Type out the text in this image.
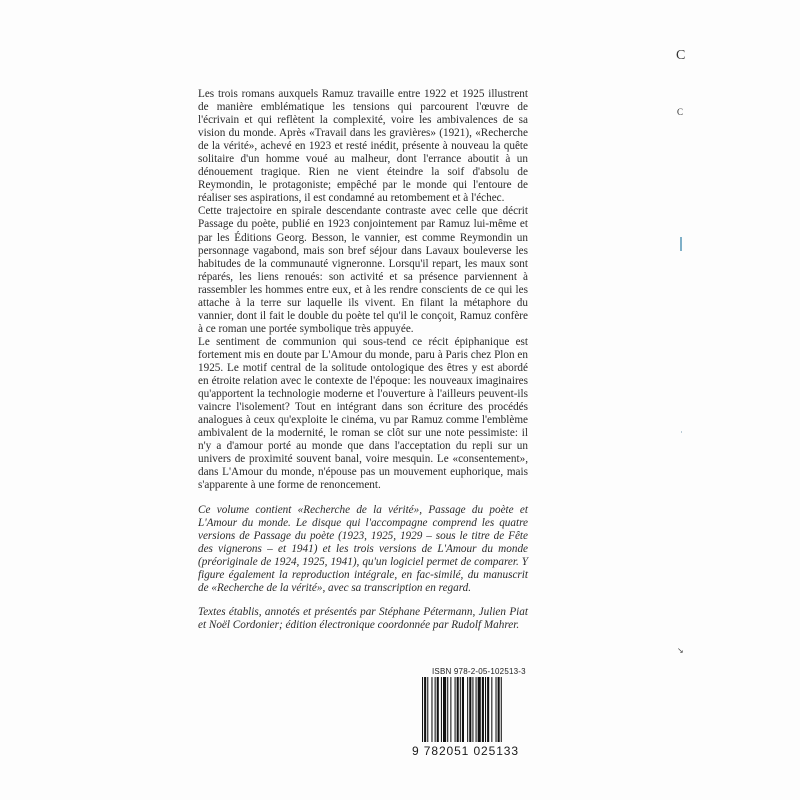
Les trois romans auxquels Ramuz travaille entre 1922 et 1925 illustrent de manière emblématique les tensions qui parcourent l'œuvre de l'écrivain et qui reflètent la complexité, voire les ambivalences de sa vision du monde. Après «Travail dans les gravières» (1921), «Recherche de la vérité», achevé en 1923 et resté inédit, présente à nouveau la quête solitaire d'un homme voué au malheur, dont l'errance aboutit à un dénouement tragique. Rien ne vient éteindre la soif d'absolu de Reymondin, le protagoniste; empêché par le monde qui l'entoure de réaliser ses aspirations, il est condamné au retombement et à l'échec.

Cette trajectoire en spirale descendante contraste avec celle que décrit Passage du poète, publié en 1923 conjointement par Ramuz lui-même et par les Éditions Georg. Besson, le vannier, est comme Reymondin un personnage vagabond, mais son bref séjour dans Lavaux bouleverse les habitudes de la communauté vigneronne. Lorsqu'il repart, les maux sont réparés, les liens renoués: son activité et sa présence parviennent à rassembler les hommes entre eux, et à les rendre conscients de ce qui les attache à la terre sur laquelle ils vivent. En filant la métaphore du vannier, dont il fait le double du poète tel qu'il le conçoit, Ramuz confère à ce roman une portée symbolique très appuyée.

Le sentiment de communion qui sous-tend ce récit épiphanique est fortement mis en doute par L'Amour du monde, paru à Paris chez Plon en 1925. Le motif central de la solitude ontologique des êtres y est abordé en étroite relation avec le contexte de l'époque: les nouveaux imaginaires qu'apportent la technologie moderne et l'ouverture à l'ailleurs peuvent-ils vaincre l'isolement? Tout en intégrant dans son écriture des procédés analogues à ceux qu'exploite le cinéma, vu par Ramuz comme l'emblème ambivalent de la modernité, le roman se clôt sur une note pessimiste: il n'y a d'amour porté au monde que dans l'acceptation du repli sur un univers de proximité souvent banal, voire mesquin. Le «consentement», dans L'Amour du monde, n'épouse pas un mouvement euphorique, mais s'apparente à une forme de renoncement.

Ce volume contient «Recherche de la vérité», Passage du poète et L'Amour du monde. Le disque qui l'accompagne comprend les quatre versions de Passage du poète (1923, 1925, 1929 – sous le titre de Fête des vignerons – et 1941) et les trois versions de L'Amour du monde (préoriginale de 1924, 1925, 1941), qu'un logiciel permet de comparer. Y figure également la reproduction intégrale, en fac-similé, du manuscrit de «Recherche de la vérité», avec sa transcription en regard.

Textes établis, annotés et présentés par Stéphane Pétermann, Julien Piat et Noël Cordonier; édition électronique coordonnée par Rudolf Mahrer.

ISBN 978-2-05-102513-3
9 782051 025133
C
C
↘
